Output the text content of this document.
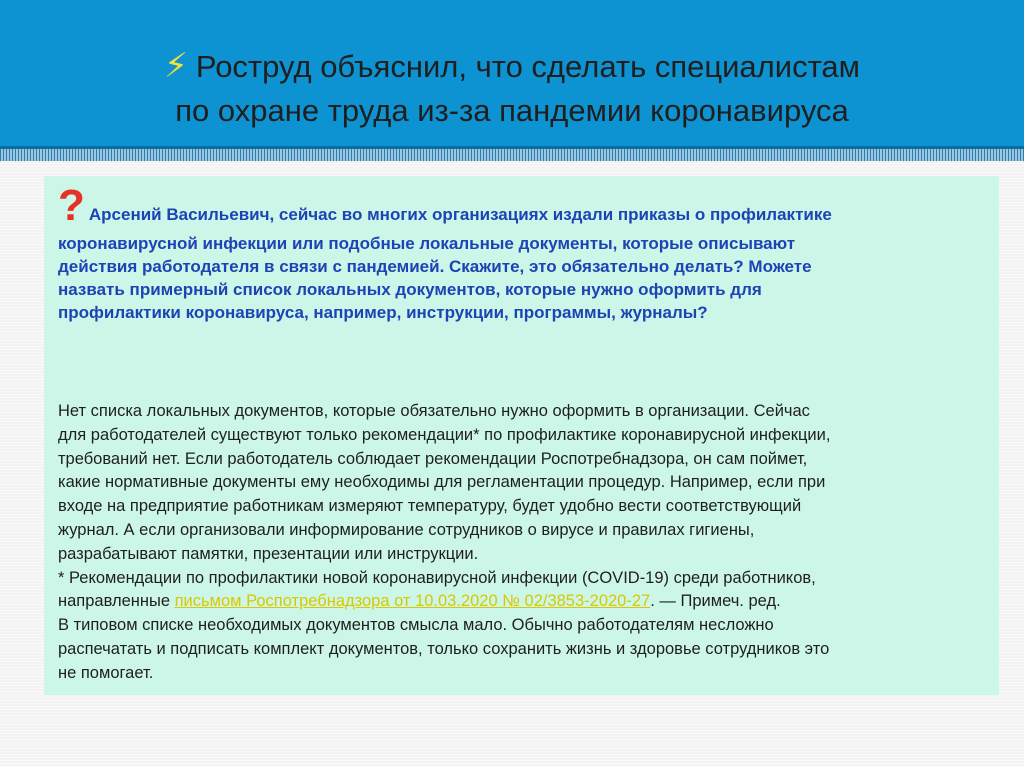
⚡ Роструд объяснил, что сделать специалистам
по охране труда из-за пандемии коронавируса
? Арсений Васильевич, сейчас во многих организациях издали приказы о профилактике
коронавирусной инфекции или подобные локальные документы, которые описывают
действия работодателя в связи с пандемией. Скажите, это обязательно делать? Можете
назвать примерный список локальных документов, которые нужно оформить для
профилактики коронавируса, например, инструкции, программы, журналы?

Нет списка локальных документов, которые обязательно нужно оформить в организации. Сейчас

для работодателей существуют только рекомендации* по профилактике коронавирусной инфекции,

требований нет. Если работодатель соблюдает рекомендации Роспотребнадзора, он сам поймет,

какие нормативные документы ему необходимы для регламентации процедур. Например, если при

входе на предприятие работникам измеряют температуру, будет удобно вести соответствующий

журнал. А если организовали информирование сотрудников о вирусе и правилах гигиены,

разрабатывают памятки, презентации или инструкции.

* Рекомендации по профилактики новой коронавирусной инфекции (COVID-19) среди работников,

направленные письмом Роспотребнадзора от 10.03.2020 № 02/3853-2020-27. — Примеч. ред.

В типовом списке необходимых документов смысла мало. Обычно работодателям несложно

распечатать и подписать комплект документов, только сохранить жизнь и здоровье сотрудников это

не помогает.
